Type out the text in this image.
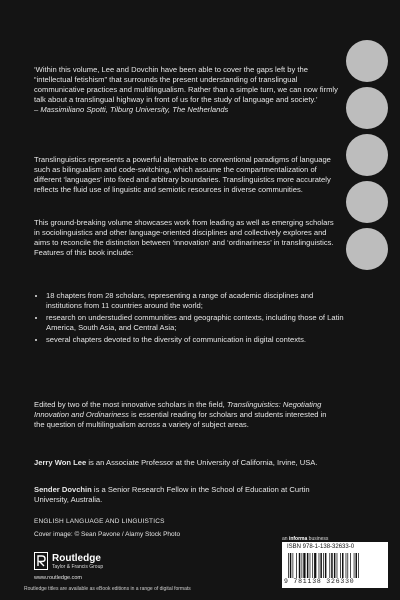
‘Within this volume, Lee and Dovchin have been able to cover the gaps left by the “intellectual fetishism” that surrounds the present understanding of translingual communicative practices and multilingualism. Rather than a simple turn, we can now firmly talk about a translingual highway in front of us for the study of language and society.’
– Massimiliano Spotti, Tilburg University, The Netherlands
Translinguistics represents a powerful alternative to conventional paradigms of language such as bilingualism and code-switching, which assume the compartmentalization of different ‘languages’ into fixed and arbitrary boundaries. Translinguistics more accurately reflects the fluid use of linguistic and semiotic resources in diverse communities.
This ground-breaking volume showcases work from leading as well as emerging scholars in sociolinguistics and other language-oriented disciplines and collectively explores and aims to reconcile the distinction between ‘innovation’ and ‘ordinariness’ in translinguistics. Features of this book include:
• 18 chapters from 28 scholars, representing a range of academic disciplines and institutions from 11 countries around the world;
• research on understudied communities and geographic contexts, including those of Latin America, South Asia, and Central Asia;
• several chapters devoted to the diversity of communication in digital contexts.
Edited by two of the most innovative scholars in the field, Translinguistics: Negotiating Innovation and Ordinariness is essential reading for scholars and students interested in the question of multilingualism across a variety of subject areas.
Jerry Won Lee is an Associate Professor at the University of California, Irvine, USA.
Sender Dovchin is a Senior Research Fellow in the School of Education at Curtin University, Australia.
ENGLISH LANGUAGE AND LINGUISTICS
Cover image: © Sean Pavone / Alamy Stock Photo
Routledge
Taylor & Francis Group
www.routledge.com
Routledge titles are available as eBook editions in a range of digital formats
an informa business
ISBN 978-1-138-32633-0
9 781138 326330
